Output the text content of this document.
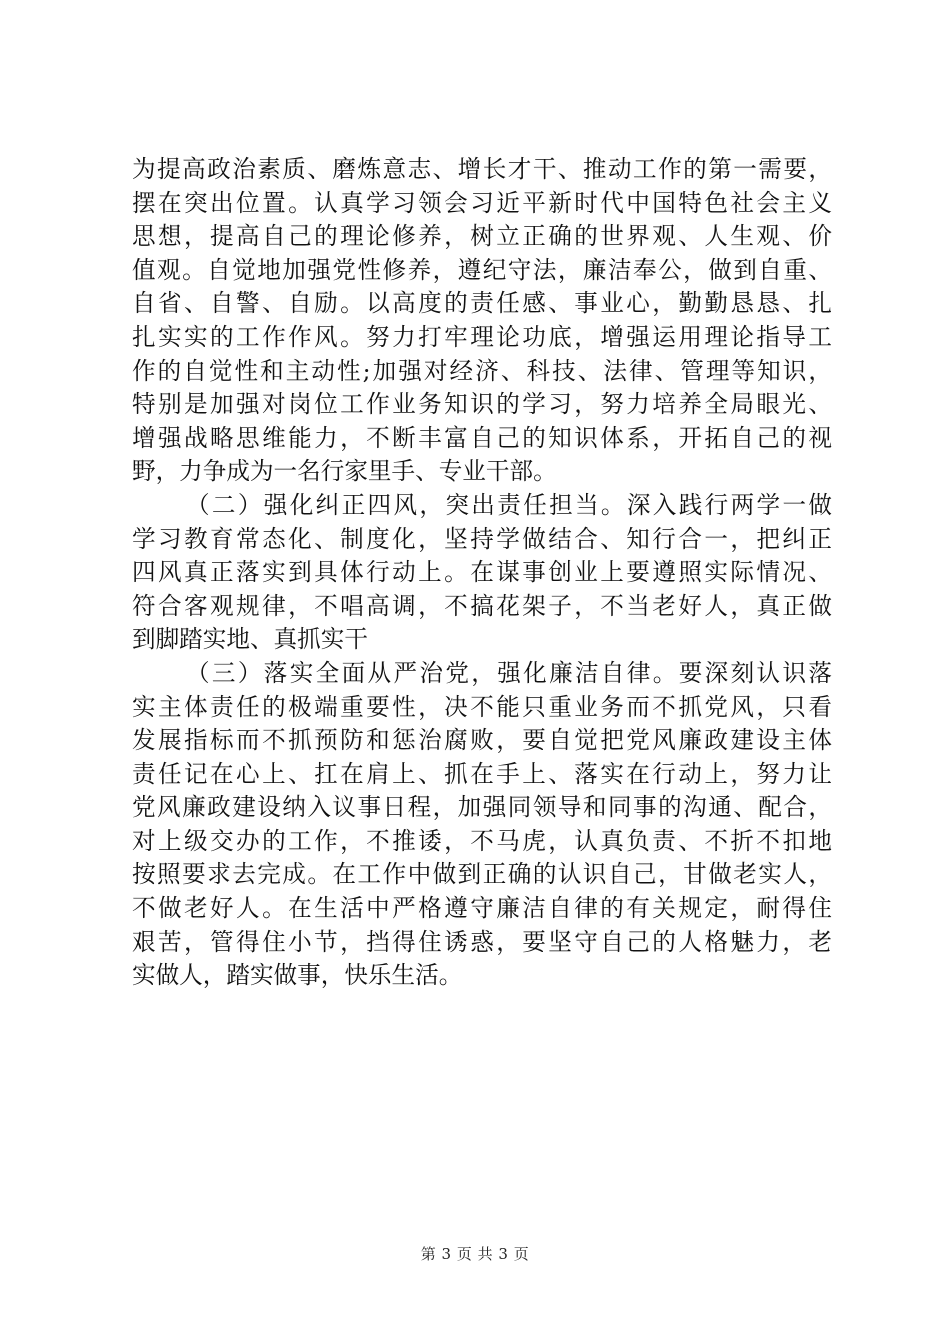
为提高政治素质、磨炼意志、增长才干、推动工作的第一需要，
摆在突出位置。认真学习领会习近平新时代中国特色社会主义
思想，提高自己的理论修养，树立正确的世界观、人生观、价
值观。自觉地加强党性修养，遵纪守法，廉洁奉公，做到自重、
自省、自警、自励。以高度的责任感、事业心，勤勤恳恳、扎
扎实实的工作作风。努力打牢理论功底，增强运用理论指导工
作的自觉性和主动性;加强对经济、科技、法律、管理等知识，
特别是加强对岗位工作业务知识的学习，努力培养全局眼光、
增强战略思维能力，不断丰富自己的知识体系，开拓自己的视
野，力争成为一名行家里手、专业干部。
（二）强化纠正四风，突出责任担当。深入践行两学一做
学习教育常态化、制度化，坚持学做结合、知行合一，把纠正
四风真正落实到具体行动上。在谋事创业上要遵照实际情况、
符合客观规律，不唱高调，不搞花架子，不当老好人，真正做
到脚踏实地、真抓实干
（三）落实全面从严治党，强化廉洁自律。要深刻认识落
实主体责任的极端重要性，决不能只重业务而不抓党风，只看
发展指标而不抓预防和惩治腐败，要自觉把党风廉政建设主体
责任记在心上、扛在肩上、抓在手上、落实在行动上，努力让
党风廉政建设纳入议事日程，加强同领导和同事的沟通、配合，
对上级交办的工作，不推诿，不马虎，认真负责、不折不扣地
按照要求去完成。在工作中做到正确的认识自己，甘做老实人，
不做老好人。在生活中严格遵守廉洁自律的有关规定，耐得住
艰苦，管得住小节，挡得住诱惑，要坚守自己的人格魅力，老
实做人，踏实做事，快乐生活。
第 3 页 共 3 页
